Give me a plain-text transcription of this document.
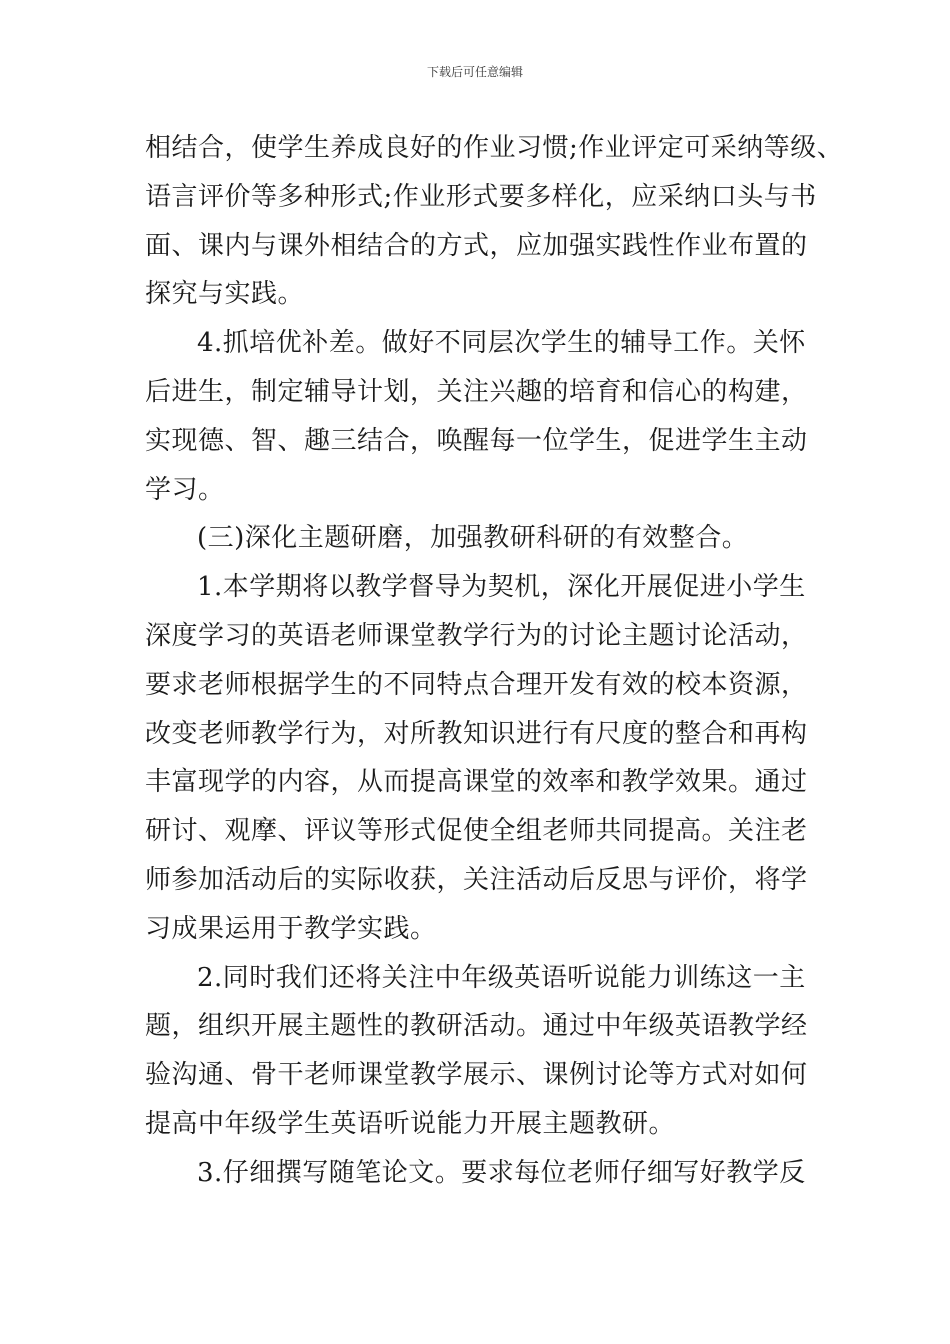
下载后可任意编辑
相结合，使学生养成良好的作业习惯;作业评定可采纳等级、
语言评价等多种形式;作业形式要多样化，应采纳口头与书
面、课内与课外相结合的方式，应加强实践性作业布置的
探究与实践。
4.抓培优补差。做好不同层次学生的辅导工作。关怀
后进生，制定辅导计划，关注兴趣的培育和信心的构建，
实现德、智、趣三结合，唤醒每一位学生，促进学生主动
学习。
(三)深化主题研磨，加强教研科研的有效整合。
1.本学期将以教学督导为契机，深化开展促进小学生
深度学习的英语老师课堂教学行为的讨论主题讨论活动，
要求老师根据学生的不同特点合理开发有效的校本资源，
改变老师教学行为，对所教知识进行有尺度的整合和再构
丰富现学的内容，从而提高课堂的效率和教学效果。通过
研讨、观摩、评议等形式促使全组老师共同提高。关注老
师参加活动后的实际收获，关注活动后反思与评价，将学
习成果运用于教学实践。
2.同时我们还将关注中年级英语听说能力训练这一主
题，组织开展主题性的教研活动。通过中年级英语教学经
验沟通、骨干老师课堂教学展示、课例讨论等方式对如何
提高中年级学生英语听说能力开展主题教研。
3.仔细撰写随笔论文。要求每位老师仔细写好教学反
